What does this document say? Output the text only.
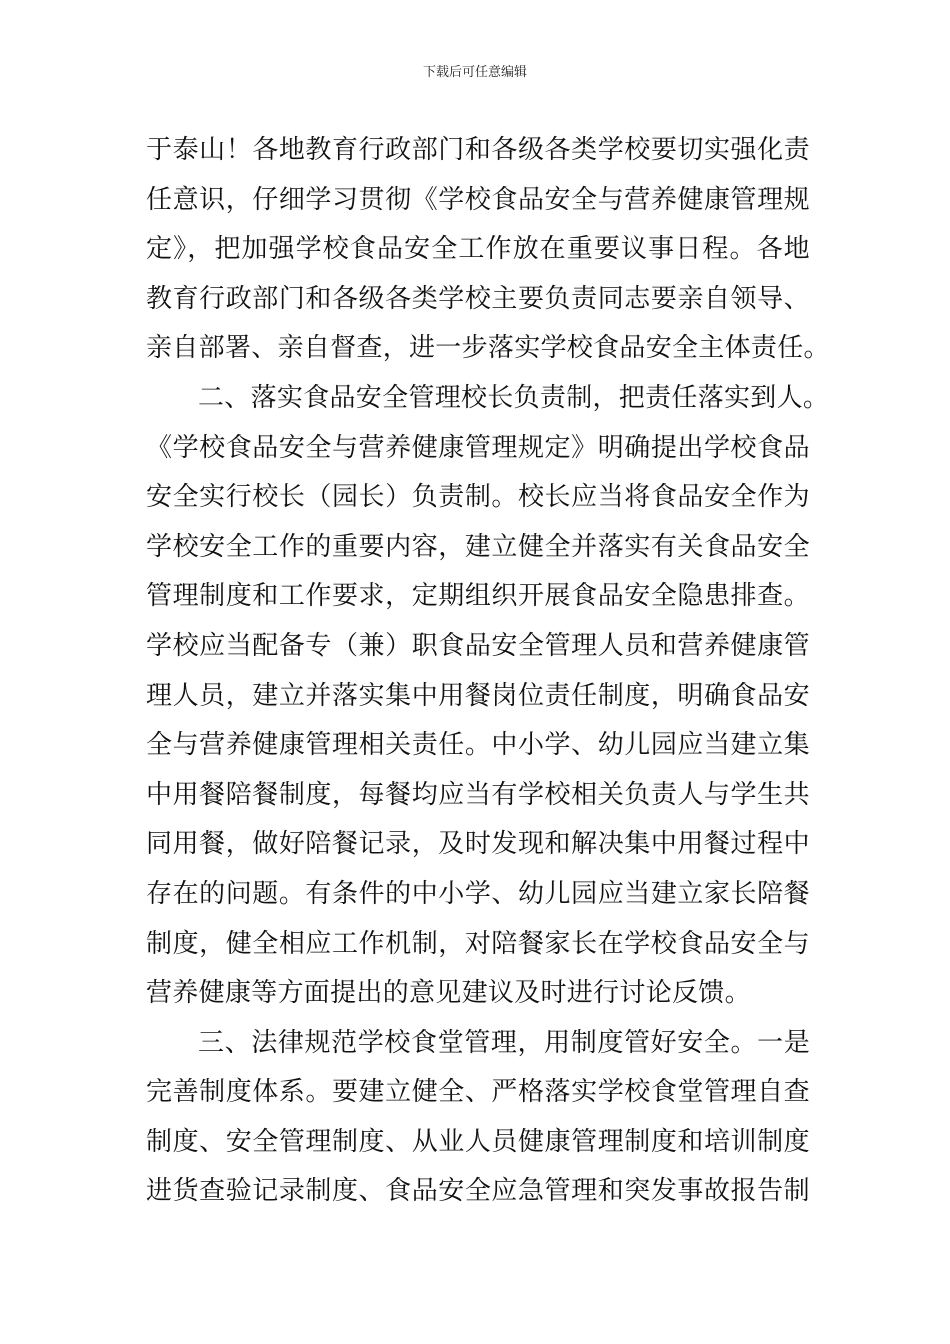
下载后可任意编辑
于泰山！各地教育行政部门和各级各类学校要切实强化责
任意识，仔细学习贯彻《学校食品安全与营养健康管理规
定》，把加强学校食品安全工作放在重要议事日程。各地
教育行政部门和各级各类学校主要负责同志要亲自领导、
亲自部署、亲自督查，进一步落实学校食品安全主体责任。
二、落实食品安全管理校长负责制，把责任落实到人。
《学校食品安全与营养健康管理规定》明确提出学校食品
安全实行校长（园长）负责制。校长应当将食品安全作为
学校安全工作的重要内容，建立健全并落实有关食品安全
管理制度和工作要求，定期组织开展食品安全隐患排查。
学校应当配备专（兼）职食品安全管理人员和营养健康管
理人员，建立并落实集中用餐岗位责任制度，明确食品安
全与营养健康管理相关责任。中小学、幼儿园应当建立集
中用餐陪餐制度，每餐均应当有学校相关负责人与学生共
同用餐，做好陪餐记录，及时发现和解决集中用餐过程中
存在的问题。有条件的中小学、幼儿园应当建立家长陪餐
制度，健全相应工作机制，对陪餐家长在学校食品安全与
营养健康等方面提出的意见建议及时进行讨论反馈。
三、法律规范学校食堂管理，用制度管好安全。一是
完善制度体系。要建立健全、严格落实学校食堂管理自查
制度、安全管理制度、从业人员健康管理制度和培训制度
进货查验记录制度、食品安全应急管理和突发事故报告制
